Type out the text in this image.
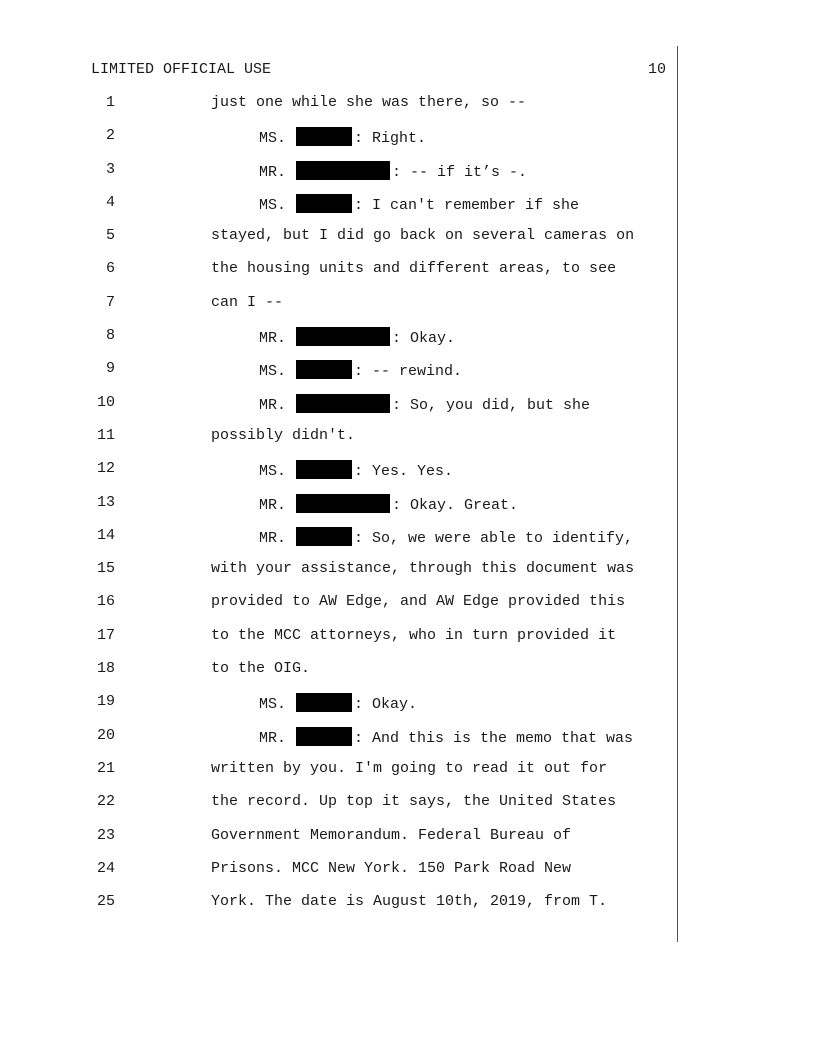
LIMITED OFFICIAL USE	10
1	just one while she was there, so --
2	MS.	: Right.
3	MR.	: -- if it’s -.
4	MS.	: I can't remember if she
5	stayed, but I did go back on several cameras on
6	the housing units and different areas, to see
7	can I --
8	MR.	: Okay.
9	MS.	: -- rewind.
10	MR.	: So, you did, but she
11	possibly didn't.
12	MS.	: Yes. Yes.
13	MR.	: Okay. Great.
14	MR.	: So, we were able to identify,
15	with your assistance, through this document was
16	provided to AW Edge, and AW Edge provided this
17	to the MCC attorneys, who in turn provided it
18	to the OIG.
19	MS.	: Okay.
20	MR.	: And this is the memo that was
21	written by you. I'm going to read it out for
22	the record. Up top it says, the United States
23	Government Memorandum. Federal Bureau of
24	Prisons. MCC New York. 150 Park Road New
25	York. The date is August 10th, 2019, from T.
